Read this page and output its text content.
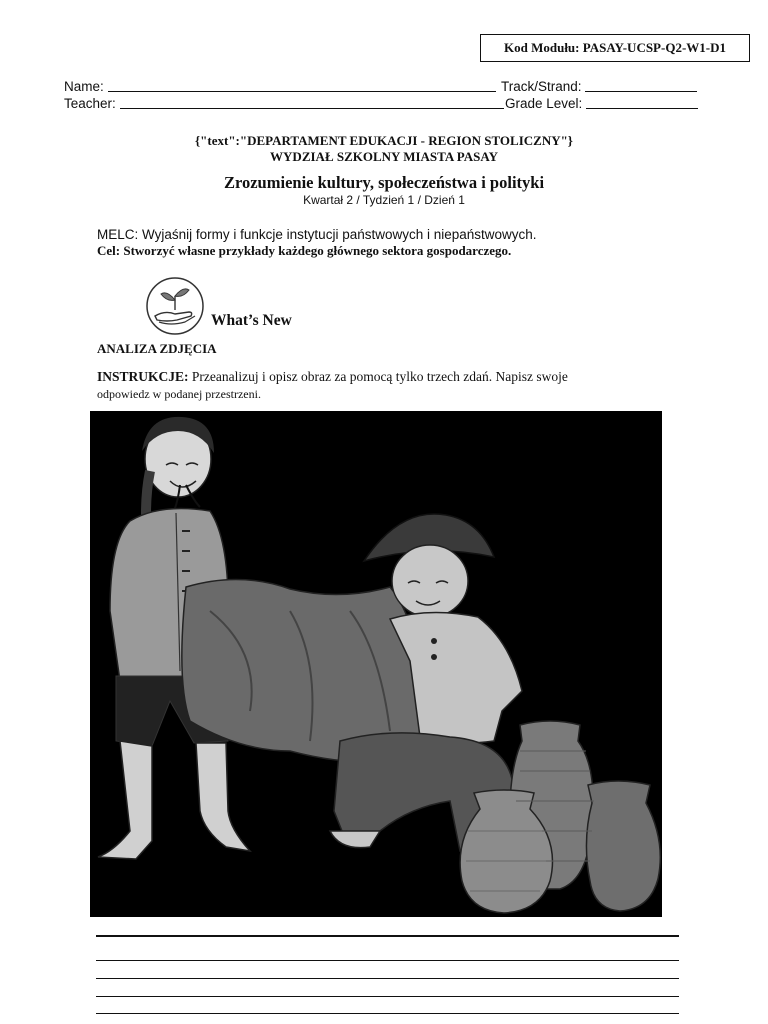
Kod Modułu: PASAY-UCSP-Q2-W1-D1
Name:
Teacher:
Track/Strand:
Grade Level:
{"text":"DEPARTAMENT EDUKACJI - REGION STOLICZNY"}
WYDZIAŁ SZKOLNY MIASTA PASAY
Zrozumienie kultury, społeczeństwa i polityki
Kwartał 2 / Tydzień 1 / Dzień 1
MELC: Wyjaśnij formy i funkcje instytucji państwowych i niepaństwowych.
Cel: Stworzyć własne przykłady każdego głównego sektora gospodarczego.
What’s New
ANALIZA ZDJĘCIA
INSTRUKCJE: Przeanalizuj i opisz obraz za pomocą tylko trzech zdań. Napisz swoje
odpowiedz w podanej przestrzeni.
